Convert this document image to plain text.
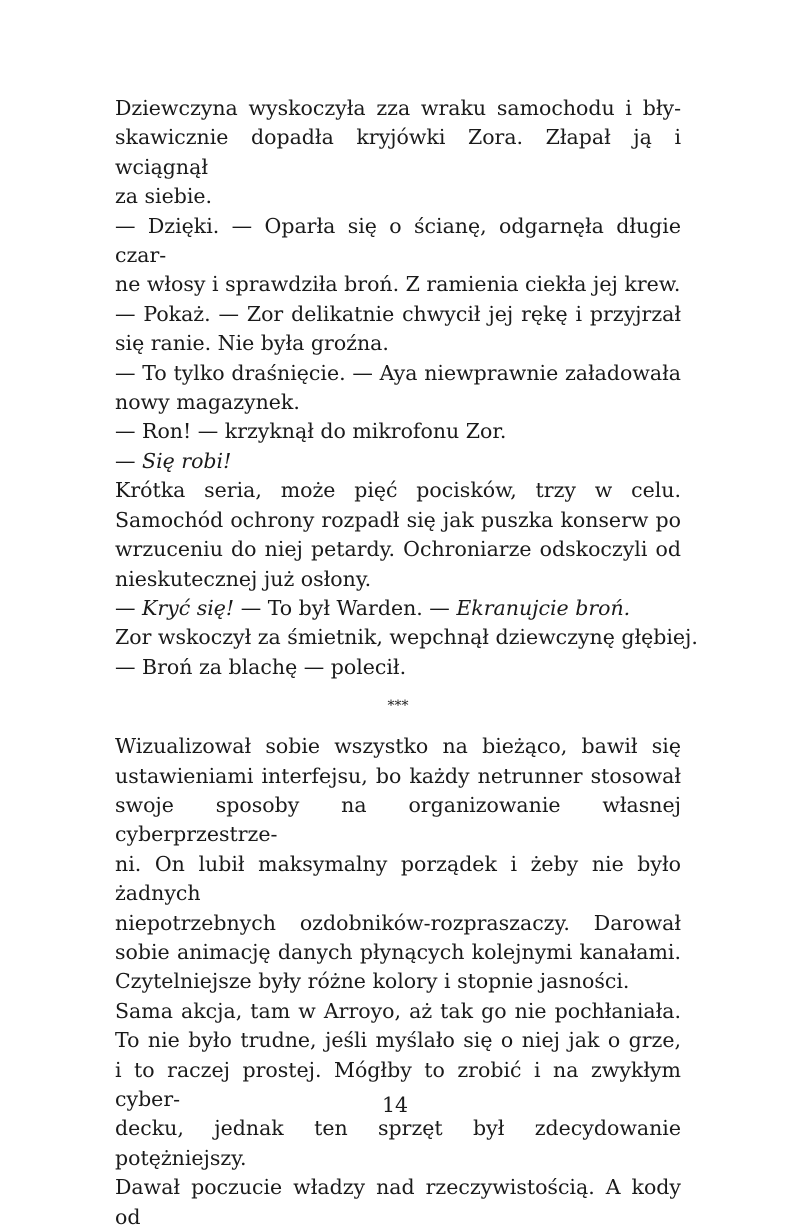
Dziewczyna wyskoczyła zza wraku samochodu i bły-
skawicznie dopadła kryjówki Zora. Złapał ją i wciągnął
za siebie.
— Dzięki. — Oparła się o ścianę, odgarnęła długie czar-
ne włosy i sprawdziła broń. Z ramienia ciekła jej krew.
— Pokaż. — Zor delikatnie chwycił jej rękę i przyjrzał
się ranie. Nie była groźna.
— To tylko draśnięcie. — Aya niewprawnie załadowała
nowy magazynek.
— Ron! — krzyknął do mikrofonu Zor.
— Się robi!
Krótka seria, może pięć pocisków, trzy w celu.
Samochód ochrony rozpadł się jak puszka konserw po
wrzuceniu do niej petardy. Ochroniarze odskoczyli od
nieskutecznej już osłony.
— Kryć się! — To był Warden. — Ekranujcie broń.
Zor wskoczył za śmietnik, wepchnął dziewczynę głębiej.
— Broń za blachę — polecił.
***
Wizualizował sobie wszystko na bieżąco, bawił się
ustawieniami interfejsu, bo każdy netrunner stosował
swoje sposoby na organizowanie własnej cyberprzestrze-
ni. On lubił maksymalny porządek i żeby nie było żadnych
niepotrzebnych ozdobników-rozpraszaczy. Darował
sobie animację danych płynących kolejnymi kanałami.
Czytelniejsze były różne kolory i stopnie jasności.
Sama akcja, tam w Arroyo, aż tak go nie pochłaniała.
To nie było trudne, jeśli myślało się o niej jak o grze,
i to raczej prostej. Mógłby to zrobić i na zwykłym cyber-
decku, jednak ten sprzęt był zdecydowanie potężniejszy.
Dawał poczucie władzy nad rzeczywistością. A kody od
14
